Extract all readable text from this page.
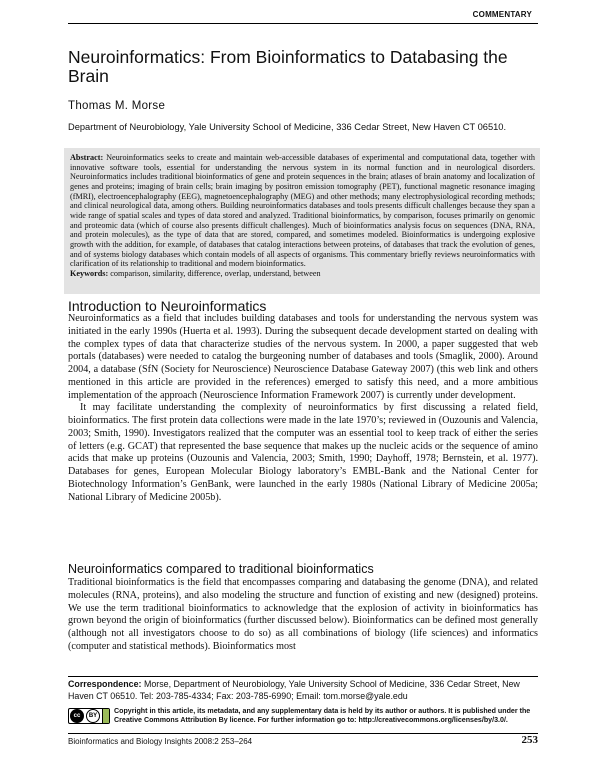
COMMENTARY
Neuroinformatics: From Bioinformatics to Databasing the Brain
Thomas M. Morse
Department of Neurobiology, Yale University School of Medicine, 336 Cedar Street, New Haven CT 06510.
Abstract: Neuroinformatics seeks to create and maintain web-accessible databases of experimental and computational data, together with innovative software tools, essential for understanding the nervous system in its normal function and in neurological disorders. Neuroinformatics includes traditional bioinformatics of gene and protein sequences in the brain; atlases of brain anatomy and localization of genes and proteins; imaging of brain cells; brain imaging by positron emission tomography (PET), functional magnetic resonance imaging (fMRI), electroencephalography (EEG), magnetoencephalography (MEG) and other methods; many electrophysiological recording methods; and clinical neurological data, among others. Building neuroinformatics databases and tools presents difficult challenges because they span a wide range of spatial scales and types of data stored and analyzed. Traditional bioinformatics, by comparison, focuses primarily on genomic and proteomic data (which of course also presents difficult challenges). Much of bioinformatics analysis focus on sequences (DNA, RNA, and protein molecules), as the type of data that are stored, compared, and sometimes modeled. Bioinformatics is undergoing explosive growth with the addition, for example, of databases that catalog interactions between proteins, of databases that track the evolution of genes, and of systems biology databases which contain models of all aspects of organisms. This commentary briefly reviews neuroinformatics with clarification of its relationship to traditional and modern bioinformatics.
Keywords: comparison, similarity, difference, overlap, understand, between
Introduction to Neuroinformatics

Neuroinformatics as a field that includes building databases and tools for understanding the nervous system was initiated in the early 1990s (Huerta et al. 1993). During the subsequent decade development started on dealing with the complex types of data that characterize studies of the nervous system. In 2000, a paper suggested that web portals (databases) were needed to catalog the burgeoning number of databases and tools (Smaglik, 2000). Around 2004, a database (SfN (Society for Neuroscience) Neuroscience Database Gateway 2007) (this web link and others mentioned in this article are provided in the references) emerged to satisfy this need, and a more ambitious implementation of the approach (Neuroscience Information Framework 2007) is currently under development.

It may facilitate understanding the complexity of neuroinformatics by first discussing a related field, bioinformatics. The first protein data collections were made in the late 1970’s; reviewed in (Ouzounis and Valencia, 2003; Smith, 1990). Investigators realized that the computer was an essential tool to keep track of either the series of letters (e.g. GCAT) that represented the base sequence that makes up the nucleic acids or the sequence of amino acids that make up proteins (Ouzounis and Valencia, 2003; Smith, 1990; Dayhoff, 1978; Bernstein, et al. 1977). Databases for genes, European Molecular Biology laboratory’s EMBL-Bank and the National Center for Biotechnology Information’s GenBank, were launched in the early 1980s (National Library of Medicine 2005a; National Library of Medicine 2005b).

Neuroinformatics compared to traditional bioinformatics

Traditional bioinformatics is the field that encompasses comparing and databasing the genome (DNA), and related molecules (RNA, proteins), and also modeling the structure and function of existing and new (designed) proteins. We use the term traditional bioinformatics to acknowledge that the explosion of activity in bioinformatics has grown beyond the origin of bioinformatics (further discussed below). Bioinformatics can be defined most generally (although not all investigators choose to do so) as all combinations of biology (life sciences) and informatics (computer and statistical methods). Bioinformatics most

Correspondence: Morse, Department of Neurobiology, Yale University School of Medicine, 336 Cedar Street, New Haven CT 06510. Tel: 203-785-4334; Fax: 203-785-6990; Email: tom.morse@yale.edu
cc	BY
Copyright in this article, its metadata, and any supplementary data is held by its author or authors. It is published under the Creative Commons Attribution By licence. For further information go to: http://creativecommons.org/licenses/by/3.0/.
Bioinformatics and Biology Insights 2008:2 253–264	253
